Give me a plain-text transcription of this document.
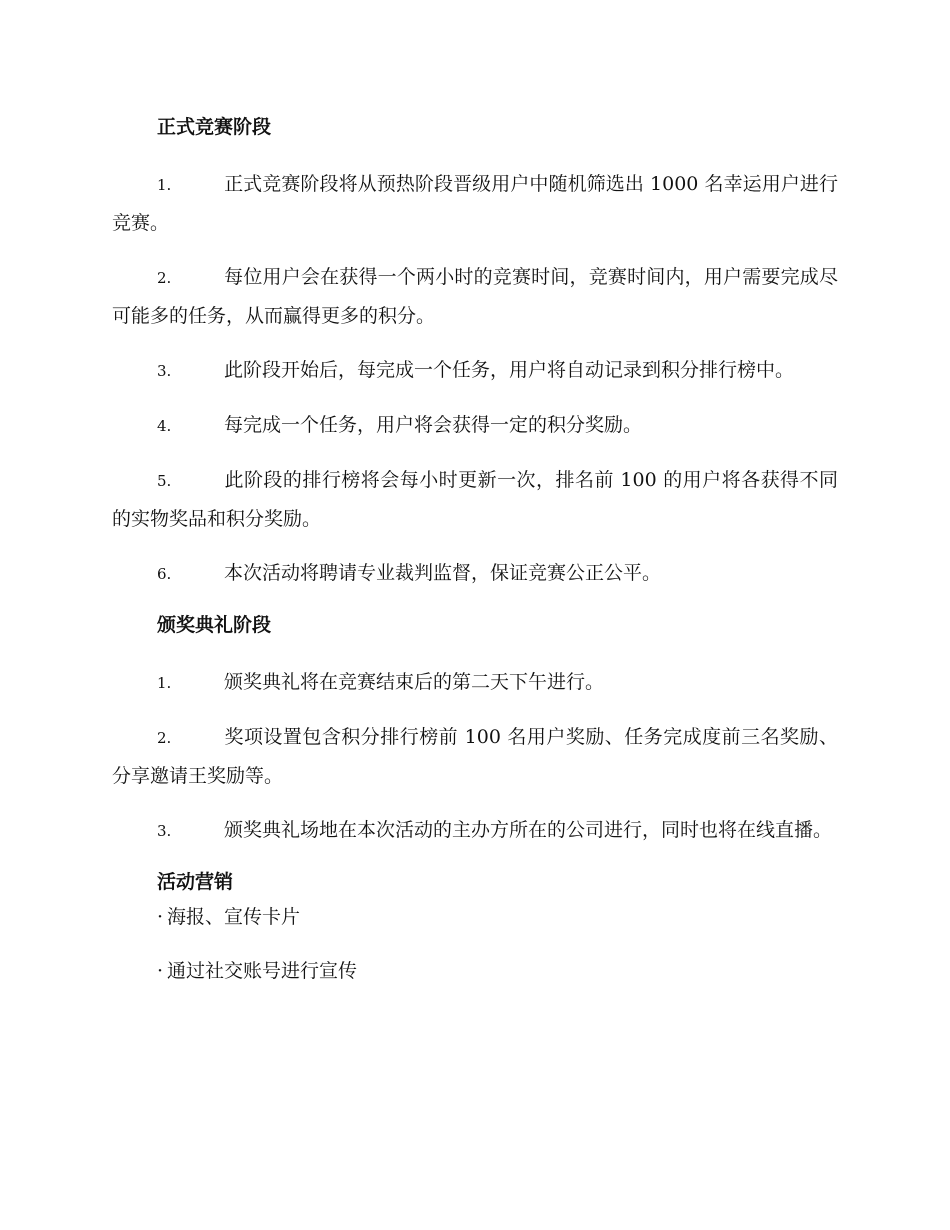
正式竞赛阶段
1.	正式竞赛阶段将从预热阶段晋级用户中随机筛选出 1000 名幸运用户进行竞赛。
2.	每位用户会在获得一个两小时的竞赛时间，竞赛时间内，用户需要完成尽可能多的任务，从而赢得更多的积分。
3.	此阶段开始后，每完成一个任务，用户将自动记录到积分排行榜中。
4.	每完成一个任务，用户将会获得一定的积分奖励。
5.	此阶段的排行榜将会每小时更新一次，排名前 100 的用户将各获得不同的实物奖品和积分奖励。
6.	本次活动将聘请专业裁判监督，保证竞赛公正公平。
颁奖典礼阶段
1.	颁奖典礼将在竞赛结束后的第二天下午进行。
2.	奖项设置包含积分排行榜前 100 名用户奖励、任务完成度前三名奖励、分享邀请王奖励等。
3.	颁奖典礼场地在本次活动的主办方所在的公司进行，同时也将在线直播。
活动营销
· 海报、宣传卡片
· 通过社交账号进行宣传
